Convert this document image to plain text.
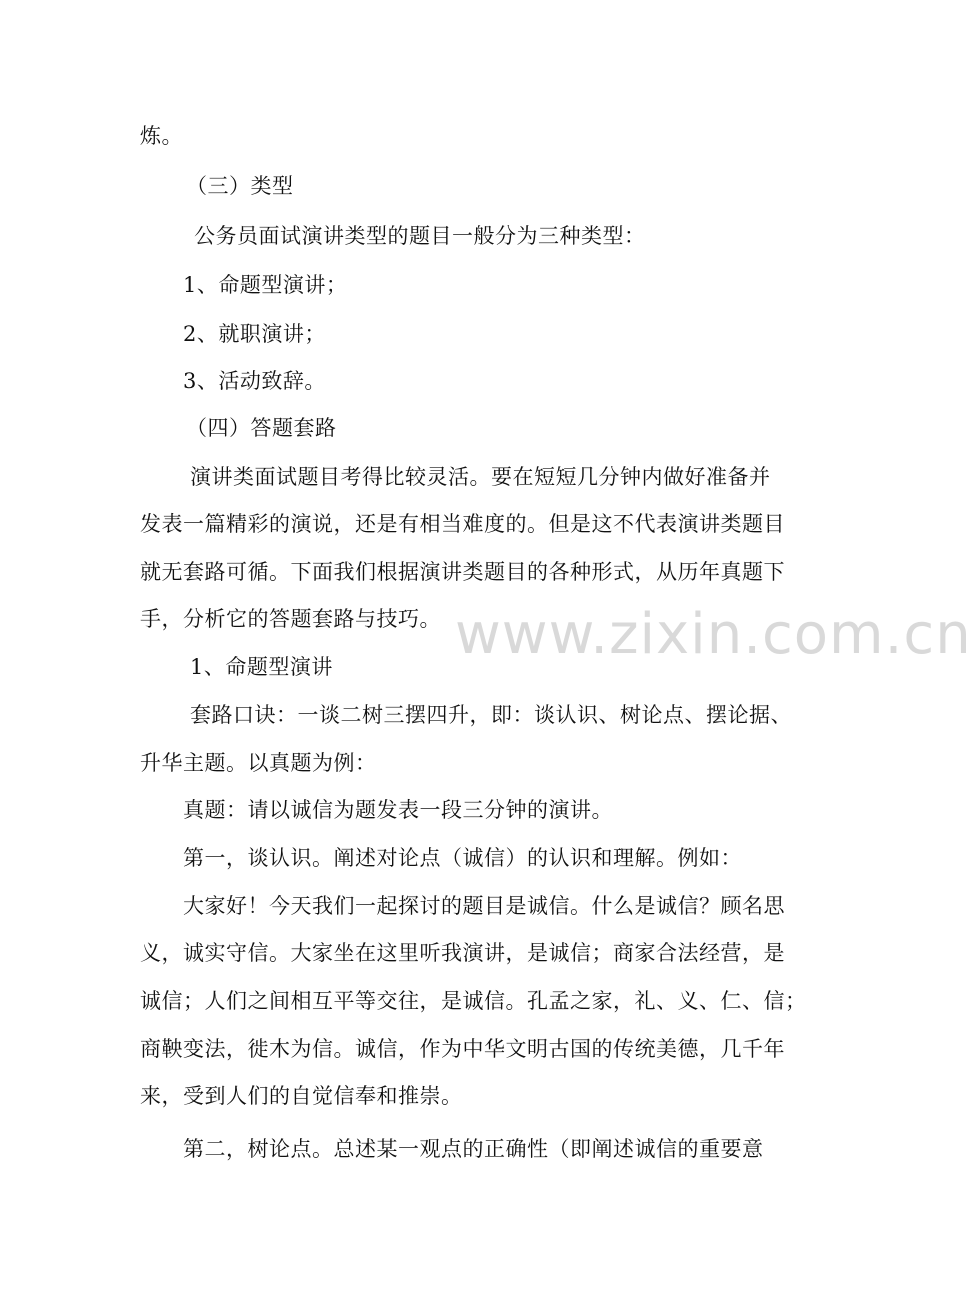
www.zixin.com.cn
炼。
（三）类型
公务员面试演讲类型的题目一般分为三种类型：
1、命题型演讲；
2、就职演讲；
3、活动致辞。
（四）答题套路
演讲类面试题目考得比较灵活。要在短短几分钟内做好准备并
发表一篇精彩的演说，还是有相当难度的。但是这不代表演讲类题目
就无套路可循。下面我们根据演讲类题目的各种形式，从历年真题下
手，分析它的答题套路与技巧。
1、命题型演讲
套路口诀：一谈二树三摆四升，即：谈认识、树论点、摆论据、
升华主题。以真题为例：
真题：请以诚信为题发表一段三分钟的演讲。
第一，谈认识。阐述对论点（诚信）的认识和理解。例如：
大家好！今天我们一起探讨的题目是诚信。什么是诚信？顾名思
义，诚实守信。大家坐在这里听我演讲，是诚信；商家合法经营，是
诚信；人们之间相互平等交往，是诚信。孔孟之家，礼、义、仁、信；
商鞅变法，徙木为信。诚信，作为中华文明古国的传统美德，几千年
来，受到人们的自觉信奉和推崇。
第二，树论点。总述某一观点的正确性（即阐述诚信的重要意
